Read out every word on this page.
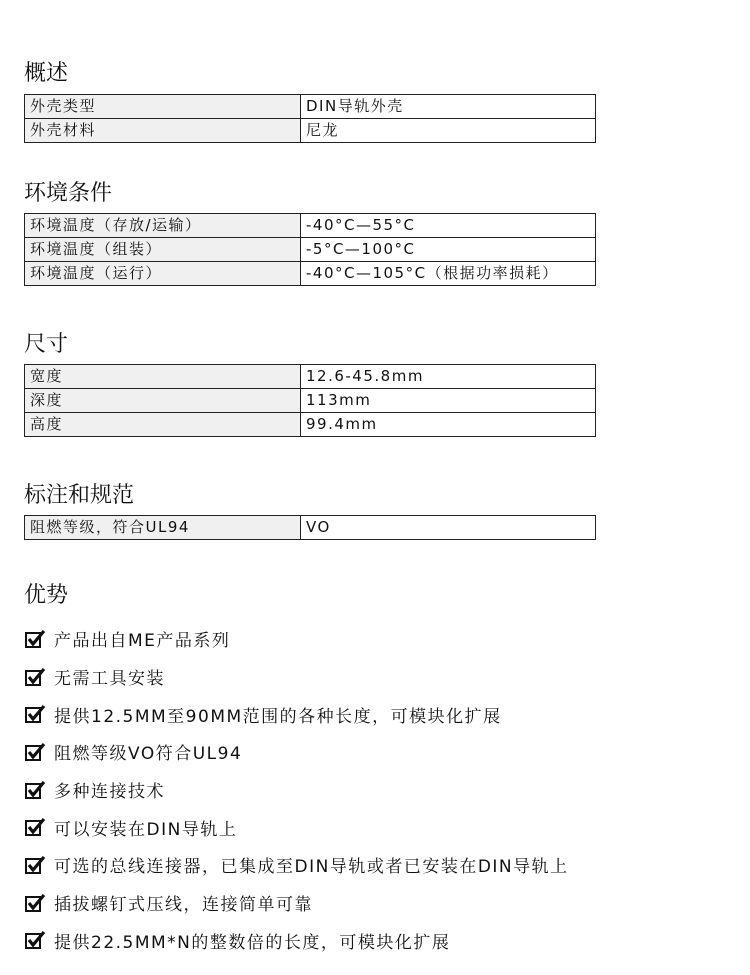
概述
外壳类型	DIN导轨外壳
外壳材料	尼龙
环境条件
环境温度（存放/运输）	-40°C—55°C
环境温度（组装）	-5°C—100°C
环境温度（运行）	-40°C—105°C（根据功率损耗）
尺寸
宽度	12.6-45.8mm
深度	113mm
高度	99.4mm
标注和规范
阻燃等级，符合UL94	VO
优势
产品出自ME产品系列
无需工具安装
提供12.5MM至90MM范围的各种长度，可模块化扩展
阻燃等级VO符合UL94
多种连接技术
可以安装在DIN导轨上
可选的总线连接器，已集成至DIN导轨或者已安装在DIN导轨上
插拔螺钉式压线，连接简单可靠
提供22.5MM*N的整数倍的长度，可模块化扩展
